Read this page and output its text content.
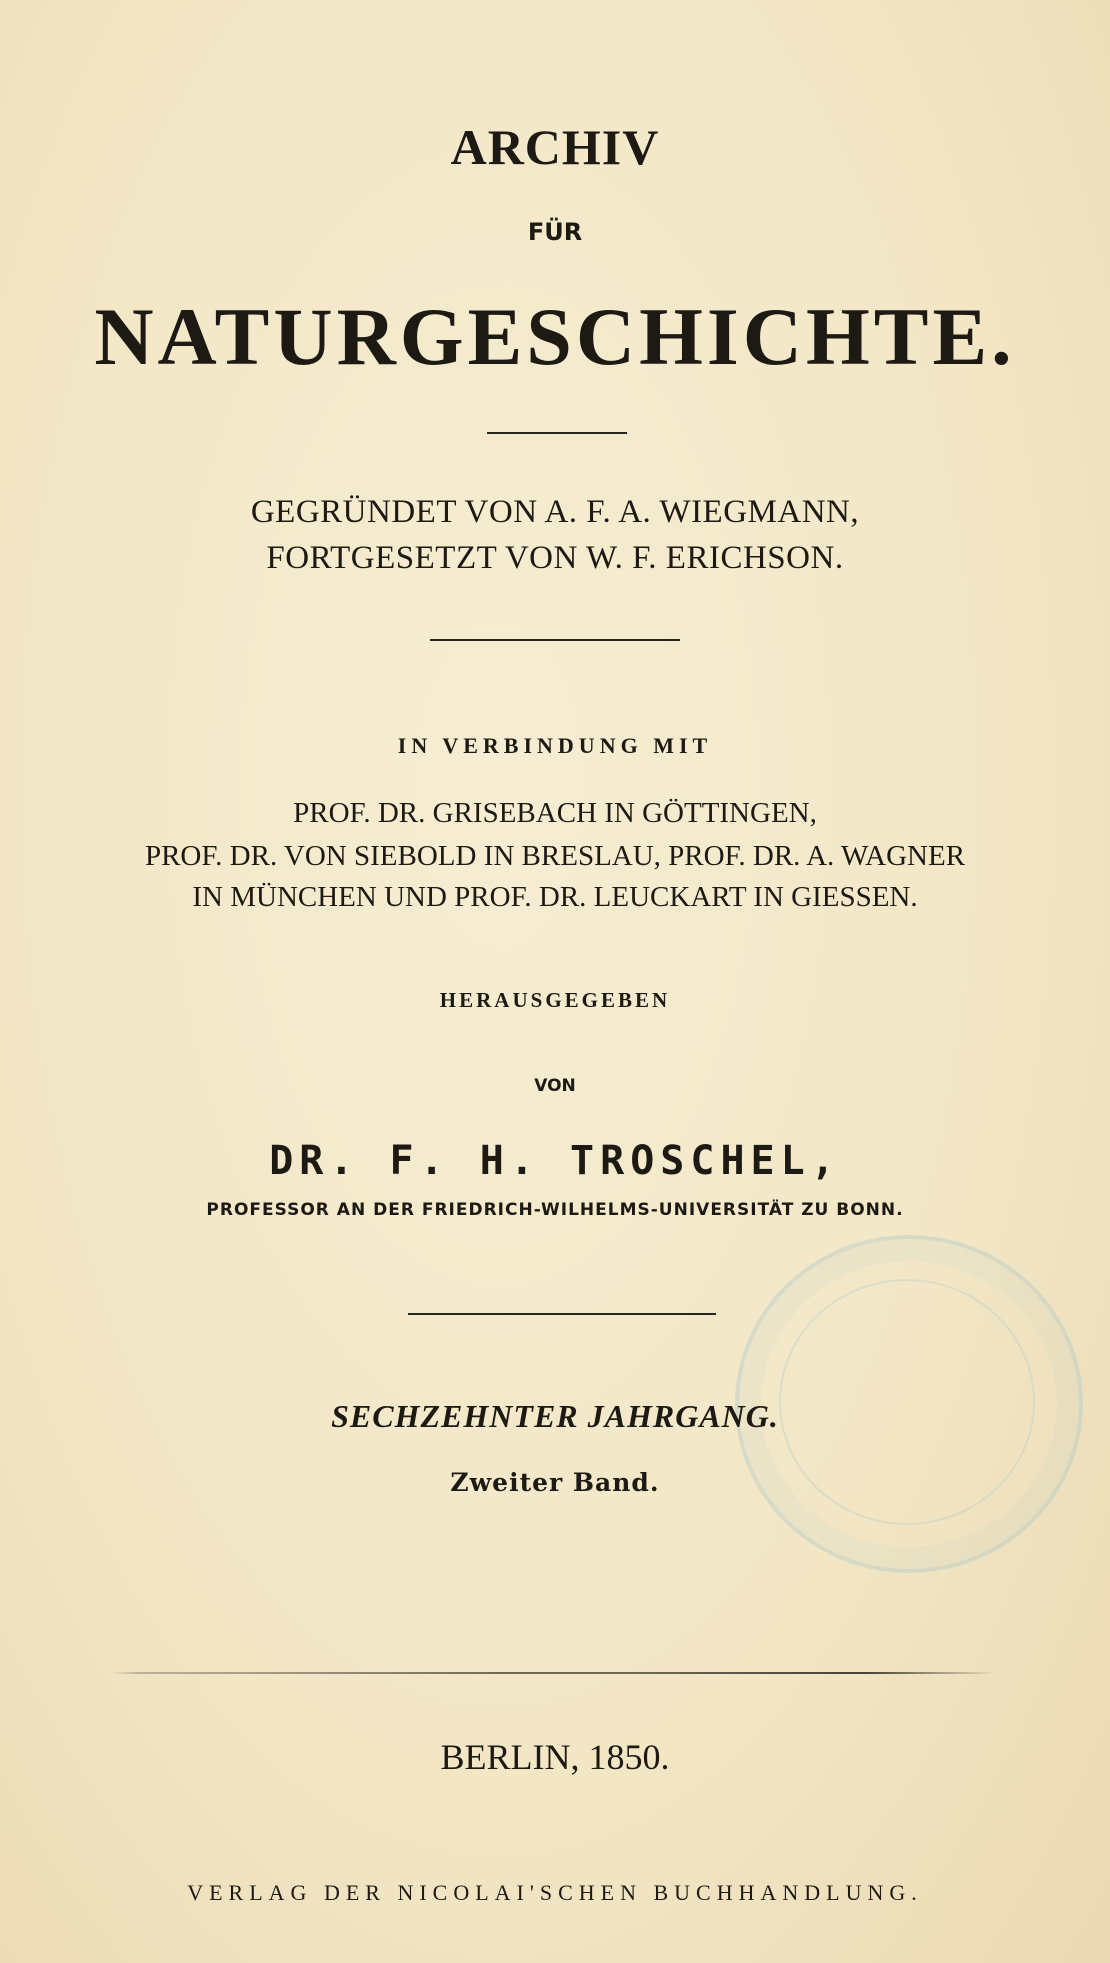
ARCHIV
FÜR
NATURGESCHICHTE.
GEGRÜNDET VON A. F. A. WIEGMANN,
FORTGESETZT VON W. F. ERICHSON.
IN VERBINDUNG MIT
PROF. DR. GRISEBACH IN GÖTTINGEN,
PROF. DR. VON SIEBOLD IN BRESLAU, PROF. DR. A. WAGNER
IN MÜNCHEN UND PROF. DR. LEUCKART IN GIESSEN.
HERAUSGEGEBEN
VON
DR. F. H. TROSCHEL,
PROFESSOR AN DER FRIEDRICH-WILHELMS-UNIVERSITÄT ZU BONN.
SECHZEHNTER JAHRGANG.
Zweiter Band.
BERLIN, 1850.
VERLAG DER NICOLAI'SCHEN BUCHHANDLUNG.
